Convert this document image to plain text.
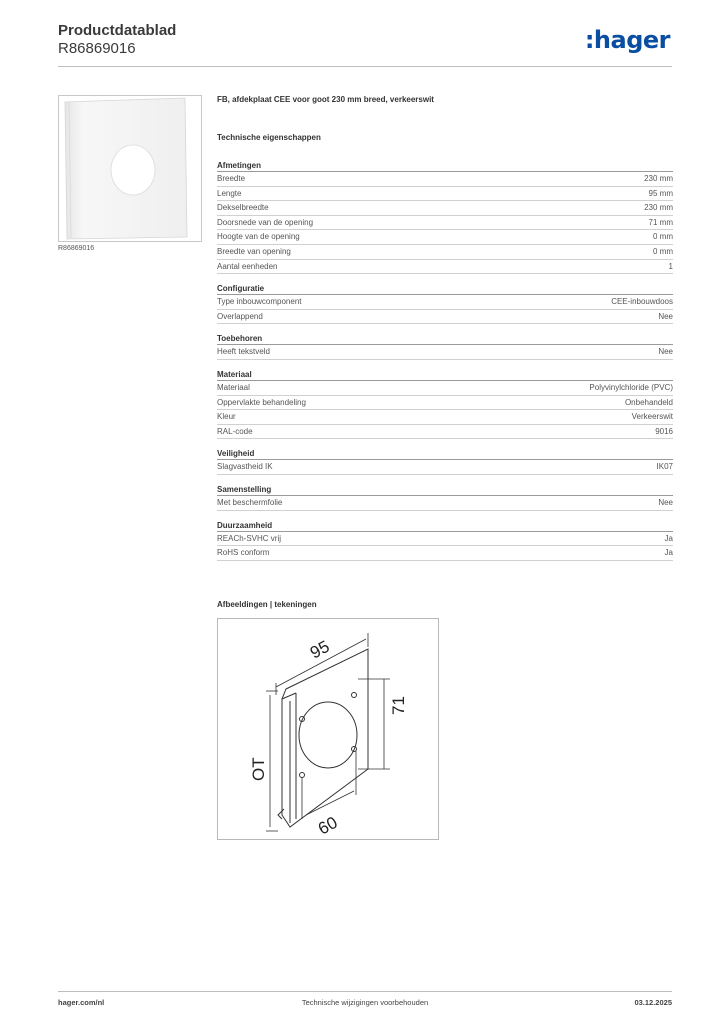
Productdatablad
R86869016	:hager
R86869016
FB, afdekplaat CEE voor goot 230 mm breed, verkeerswit
Technische eigenschappen
Afmetingen
Breedte	230 mm
Lengte	95 mm
Dekselbreedte	230 mm
Doorsnede van de opening	71 mm
Hoogte van de opening	0 mm
Breedte van opening	0 mm
Aantal eenheden	1
Configuratie
Type inbouwcomponent	CEE-inbouwdoos
Overlappend	Nee
Toebehoren
Heeft tekstveld	Nee
Materiaal
Materiaal	Polyvinylchloride (PVC)
Oppervlakte behandeling	Onbehandeld
Kleur	Verkeerswit
RAL-code	9016
Veiligheid
Slagvastheid IK	IK07
Samenstelling
Met beschermfolie	Nee
Duurzaamheid
REACh-SVHC vrij	Ja
RoHS conform	Ja
Afbeeldingen | tekeningen
95
71
OT
60
hager.com/nl	Technische wijzigingen voorbehouden	03.12.2025
